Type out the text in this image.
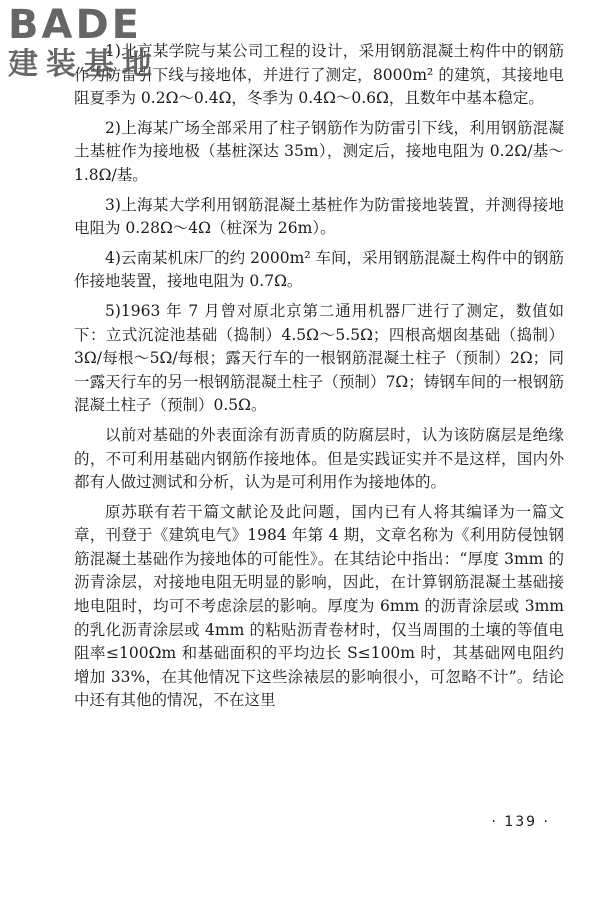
BADE
建装基地

1)北京某学院与某公司工程的设计，采用钢筋混凝土构件中的钢筋作为防雷引下线与接地体，并进行了测定，8000m² 的建筑，其接地电阻夏季为 0.2Ω～0.4Ω，冬季为 0.4Ω～0.6Ω，且数年中基本稳定。

2)上海某广场全部采用了柱子钢筋作为防雷引下线，利用钢筋混凝土基桩作为接地极（基桩深达 35m），测定后，接地电阻为 0.2Ω/基～1.8Ω/基。

3)上海某大学利用钢筋混凝土基桩作为防雷接地装置，并测得接地电阻为 0.28Ω～4Ω（桩深为 26m）。

4)云南某机床厂的约 2000m² 车间，采用钢筋混凝土构件中的钢筋作接地装置，接地电阻为 0.7Ω。

5)1963 年 7 月曾对原北京第二通用机器厂进行了测定，数值如下：立式沉淀池基础（捣制）4.5Ω～5.5Ω；四根高烟囱基础（捣制）3Ω/每根～5Ω/每根；露天行车的一根钢筋混凝土柱子（预制）2Ω；同一露天行车的另一根钢筋混凝土柱子（预制）7Ω；铸钢车间的一根钢筋混凝土柱子（预制）0.5Ω。

以前对基础的外表面涂有沥青质的防腐层时，认为该防腐层是绝缘的，不可利用基础内钢筋作接地体。但是实践证实并不是这样，国内外都有人做过测试和分析，认为是可利用作为接地体的。

原苏联有若干篇文献论及此问题，国内已有人将其编译为一篇文章，刊登于《建筑电气》1984 年第 4 期，文章名称为《利用防侵蚀钢筋混凝土基础作为接地体的可能性》。在其结论中指出：“厚度 3mm 的沥青涂层，对接地电阻无明显的影响，因此，在计算钢筋混凝土基础接地电阻时，均可不考虑涂层的影响。厚度为 6mm 的沥青涂层或 3mm 的乳化沥青涂层或 4mm 的粘贴沥青卷材时，仅当周围的土壤的等值电阻率≤100Ωm 和基础面积的平均边长 S≤100m 时，其基础网电阻约增加 33%，在其他情况下这些涂裱层的影响很小，可忽略不计”。结论中还有其他的情况，不在这里

· 139 ·
